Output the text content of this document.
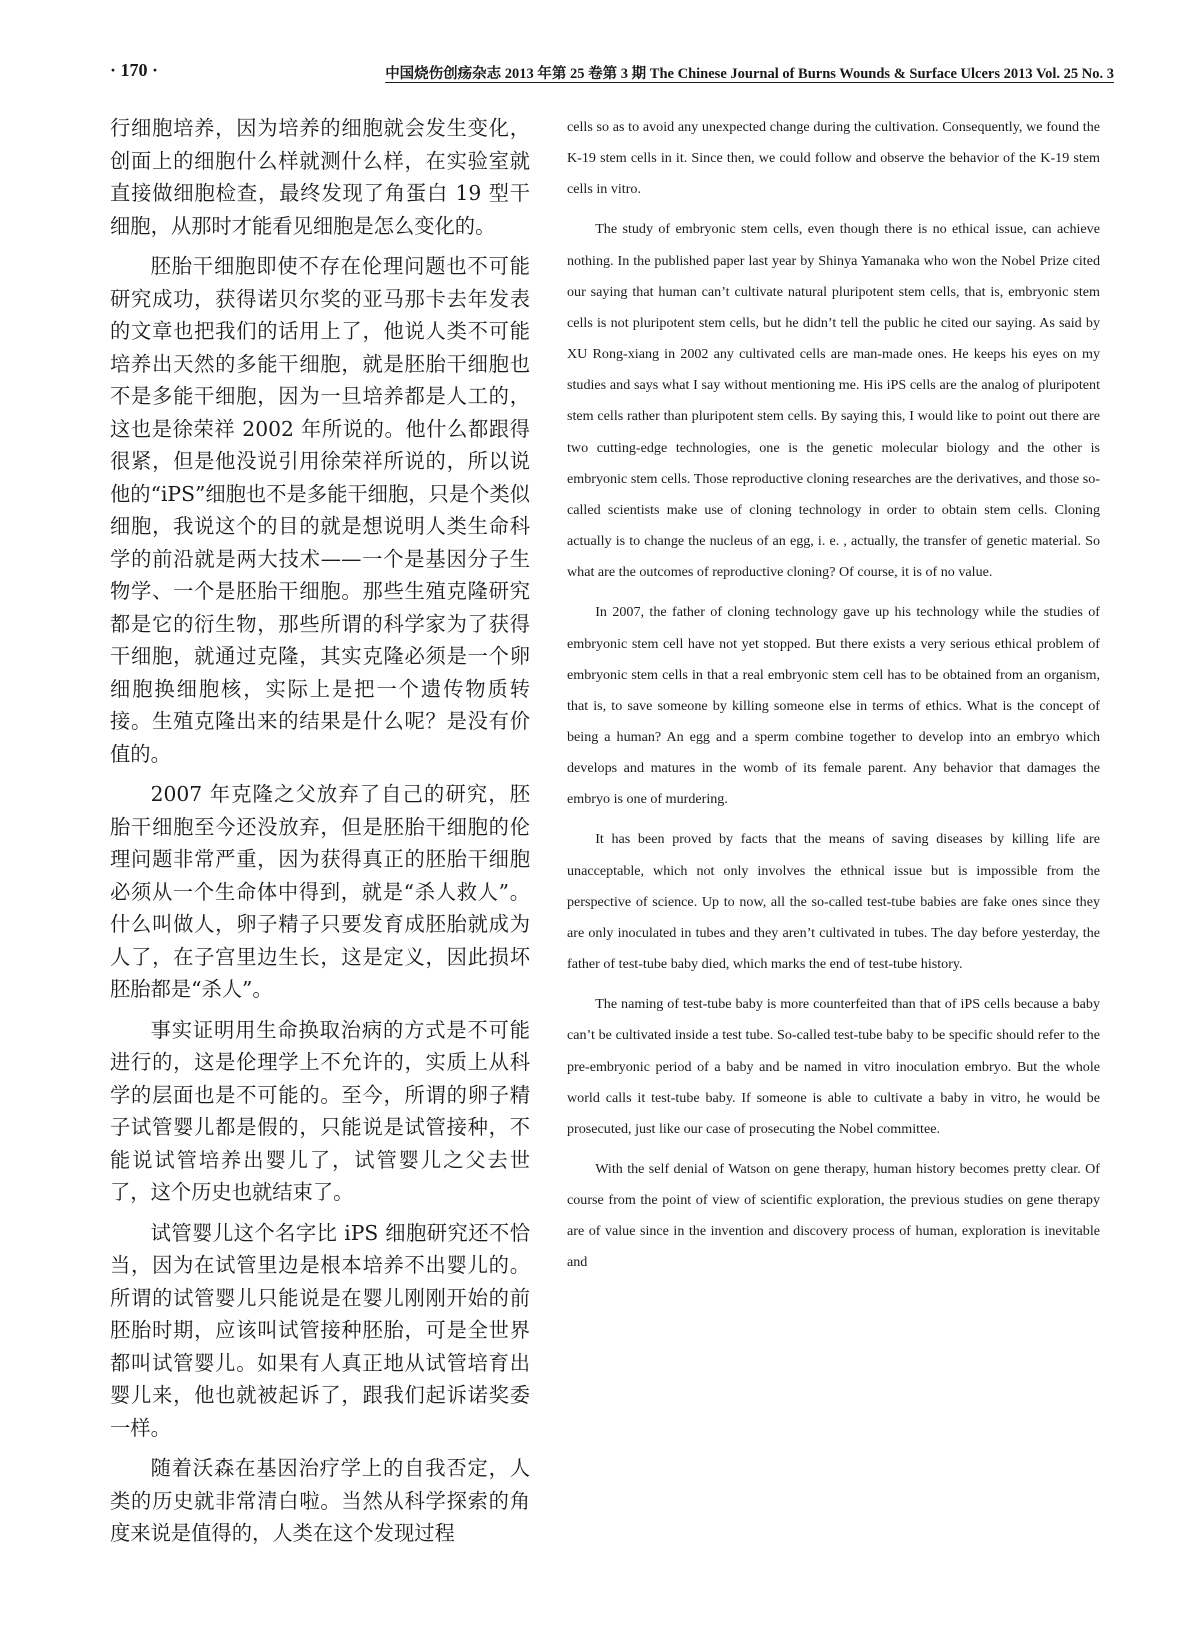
· 170 ·	中国烧伤创疡杂志 2013 年第 25 卷第 3 期 The Chinese Journal of Burns Wounds & Surface Ulcers 2013 Vol. 25 No. 3

行细胞培养，因为培养的细胞就会发生变化，创面上的细胞什么样就测什么样，在实验室就直接做细胞检查，最终发现了角蛋白 19 型干细胞，从那时才能看见细胞是怎么变化的。

胚胎干细胞即使不存在伦理问题也不可能研究成功，获得诺贝尔奖的亚马那卡去年发表的文章也把我们的话用上了，他说人类不可能培养出天然的多能干细胞，就是胚胎干细胞也不是多能干细胞，因为一旦培养都是人工的，这也是徐荣祥 2002 年所说的。他什么都跟得很紧，但是他没说引用徐荣祥所说的，所以说他的“iPS”细胞也不是多能干细胞，只是个类似细胞，我说这个的目的就是想说明人类生命科学的前沿就是两大技术——一个是基因分子生物学、一个是胚胎干细胞。那些生殖克隆研究都是它的衍生物，那些所谓的科学家为了获得干细胞，就通过克隆，其实克隆必须是一个卵细胞换细胞核，实际上是把一个遗传物质转接。生殖克隆出来的结果是什么呢？是没有价值的。

2007 年克隆之父放弃了自己的研究，胚胎干细胞至今还没放弃，但是胚胎干细胞的伦理问题非常严重，因为获得真正的胚胎干细胞必须从一个生命体中得到，就是“杀人救人”。什么叫做人，卵子精子只要发育成胚胎就成为人了，在子宫里边生长，这是定义，因此损坏胚胎都是“杀人”。

事实证明用生命换取治病的方式是不可能进行的，这是伦理学上不允许的，实质上从科学的层面也是不可能的。至今，所谓的卵子精子试管婴儿都是假的，只能说是试管接种，不能说试管培养出婴儿了，试管婴儿之父去世了，这个历史也就结束了。

试管婴儿这个名字比 iPS 细胞研究还不恰当，因为在试管里边是根本培养不出婴儿的。所谓的试管婴儿只能说是在婴儿刚刚开始的前胚胎时期，应该叫试管接种胚胎，可是全世界都叫试管婴儿。如果有人真正地从试管培育出婴儿来，他也就被起诉了，跟我们起诉诺奖委一样。

随着沃森在基因治疗学上的自我否定，人类的历史就非常清白啦。当然从科学探索的角度来说是值得的，人类在这个发现过程

cells so as to avoid any unexpected change during the cultivation. Consequently, we found the K-19 stem cells in it. Since then, we could follow and observe the behavior of the K-19 stem cells in vitro.

The study of embryonic stem cells, even though there is no ethical issue, can achieve nothing. In the published paper last year by Shinya Yamanaka who won the Nobel Prize cited our saying that human can’t cultivate natural pluripotent stem cells, that is, embryonic stem cells is not pluripotent stem cells, but he didn’t tell the public he cited our saying. As said by XU Rong-xiang in 2002 any cultivated cells are man-made ones. He keeps his eyes on my studies and says what I say without mentioning me. His iPS cells are the analog of pluripotent stem cells rather than pluripotent stem cells. By saying this, I would like to point out there are two cutting-edge technologies, one is the genetic molecular biology and the other is embryonic stem cells. Those reproductive cloning researches are the derivatives, and those so-called scientists make use of cloning technology in order to obtain stem cells. Cloning actually is to change the nucleus of an egg, i. e. , actually, the transfer of genetic material. So what are the outcomes of reproductive cloning? Of course, it is of no value.

In 2007, the father of cloning technology gave up his technology while the studies of embryonic stem cell have not yet stopped. But there exists a very serious ethical problem of embryonic stem cells in that a real embryonic stem cell has to be obtained from an organism, that is, to save someone by killing someone else in terms of ethics. What is the concept of being a human? An egg and a sperm combine together to develop into an embryo which develops and matures in the womb of its female parent. Any behavior that damages the embryo is one of murdering.

It has been proved by facts that the means of saving diseases by killing life are unacceptable, which not only involves the ethnical issue but is impossible from the perspective of science. Up to now, all the so-called test-tube babies are fake ones since they are only inoculated in tubes and they aren’t cultivated in tubes. The day before yesterday, the father of test-tube baby died, which marks the end of test-tube history.

The naming of test-tube baby is more counterfeited than that of iPS cells because a baby can’t be cultivated inside a test tube. So-called test-tube baby to be specific should refer to the pre-embryonic period of a baby and be named in vitro inoculation embryo. But the whole world calls it test-tube baby. If someone is able to cultivate a baby in vitro, he would be prosecuted, just like our case of prosecuting the Nobel committee.

With the self denial of Watson on gene therapy, human history becomes pretty clear. Of course from the point of view of scientific exploration, the previous studies on gene therapy are of value since in the invention and discovery process of human, exploration is inevitable and
